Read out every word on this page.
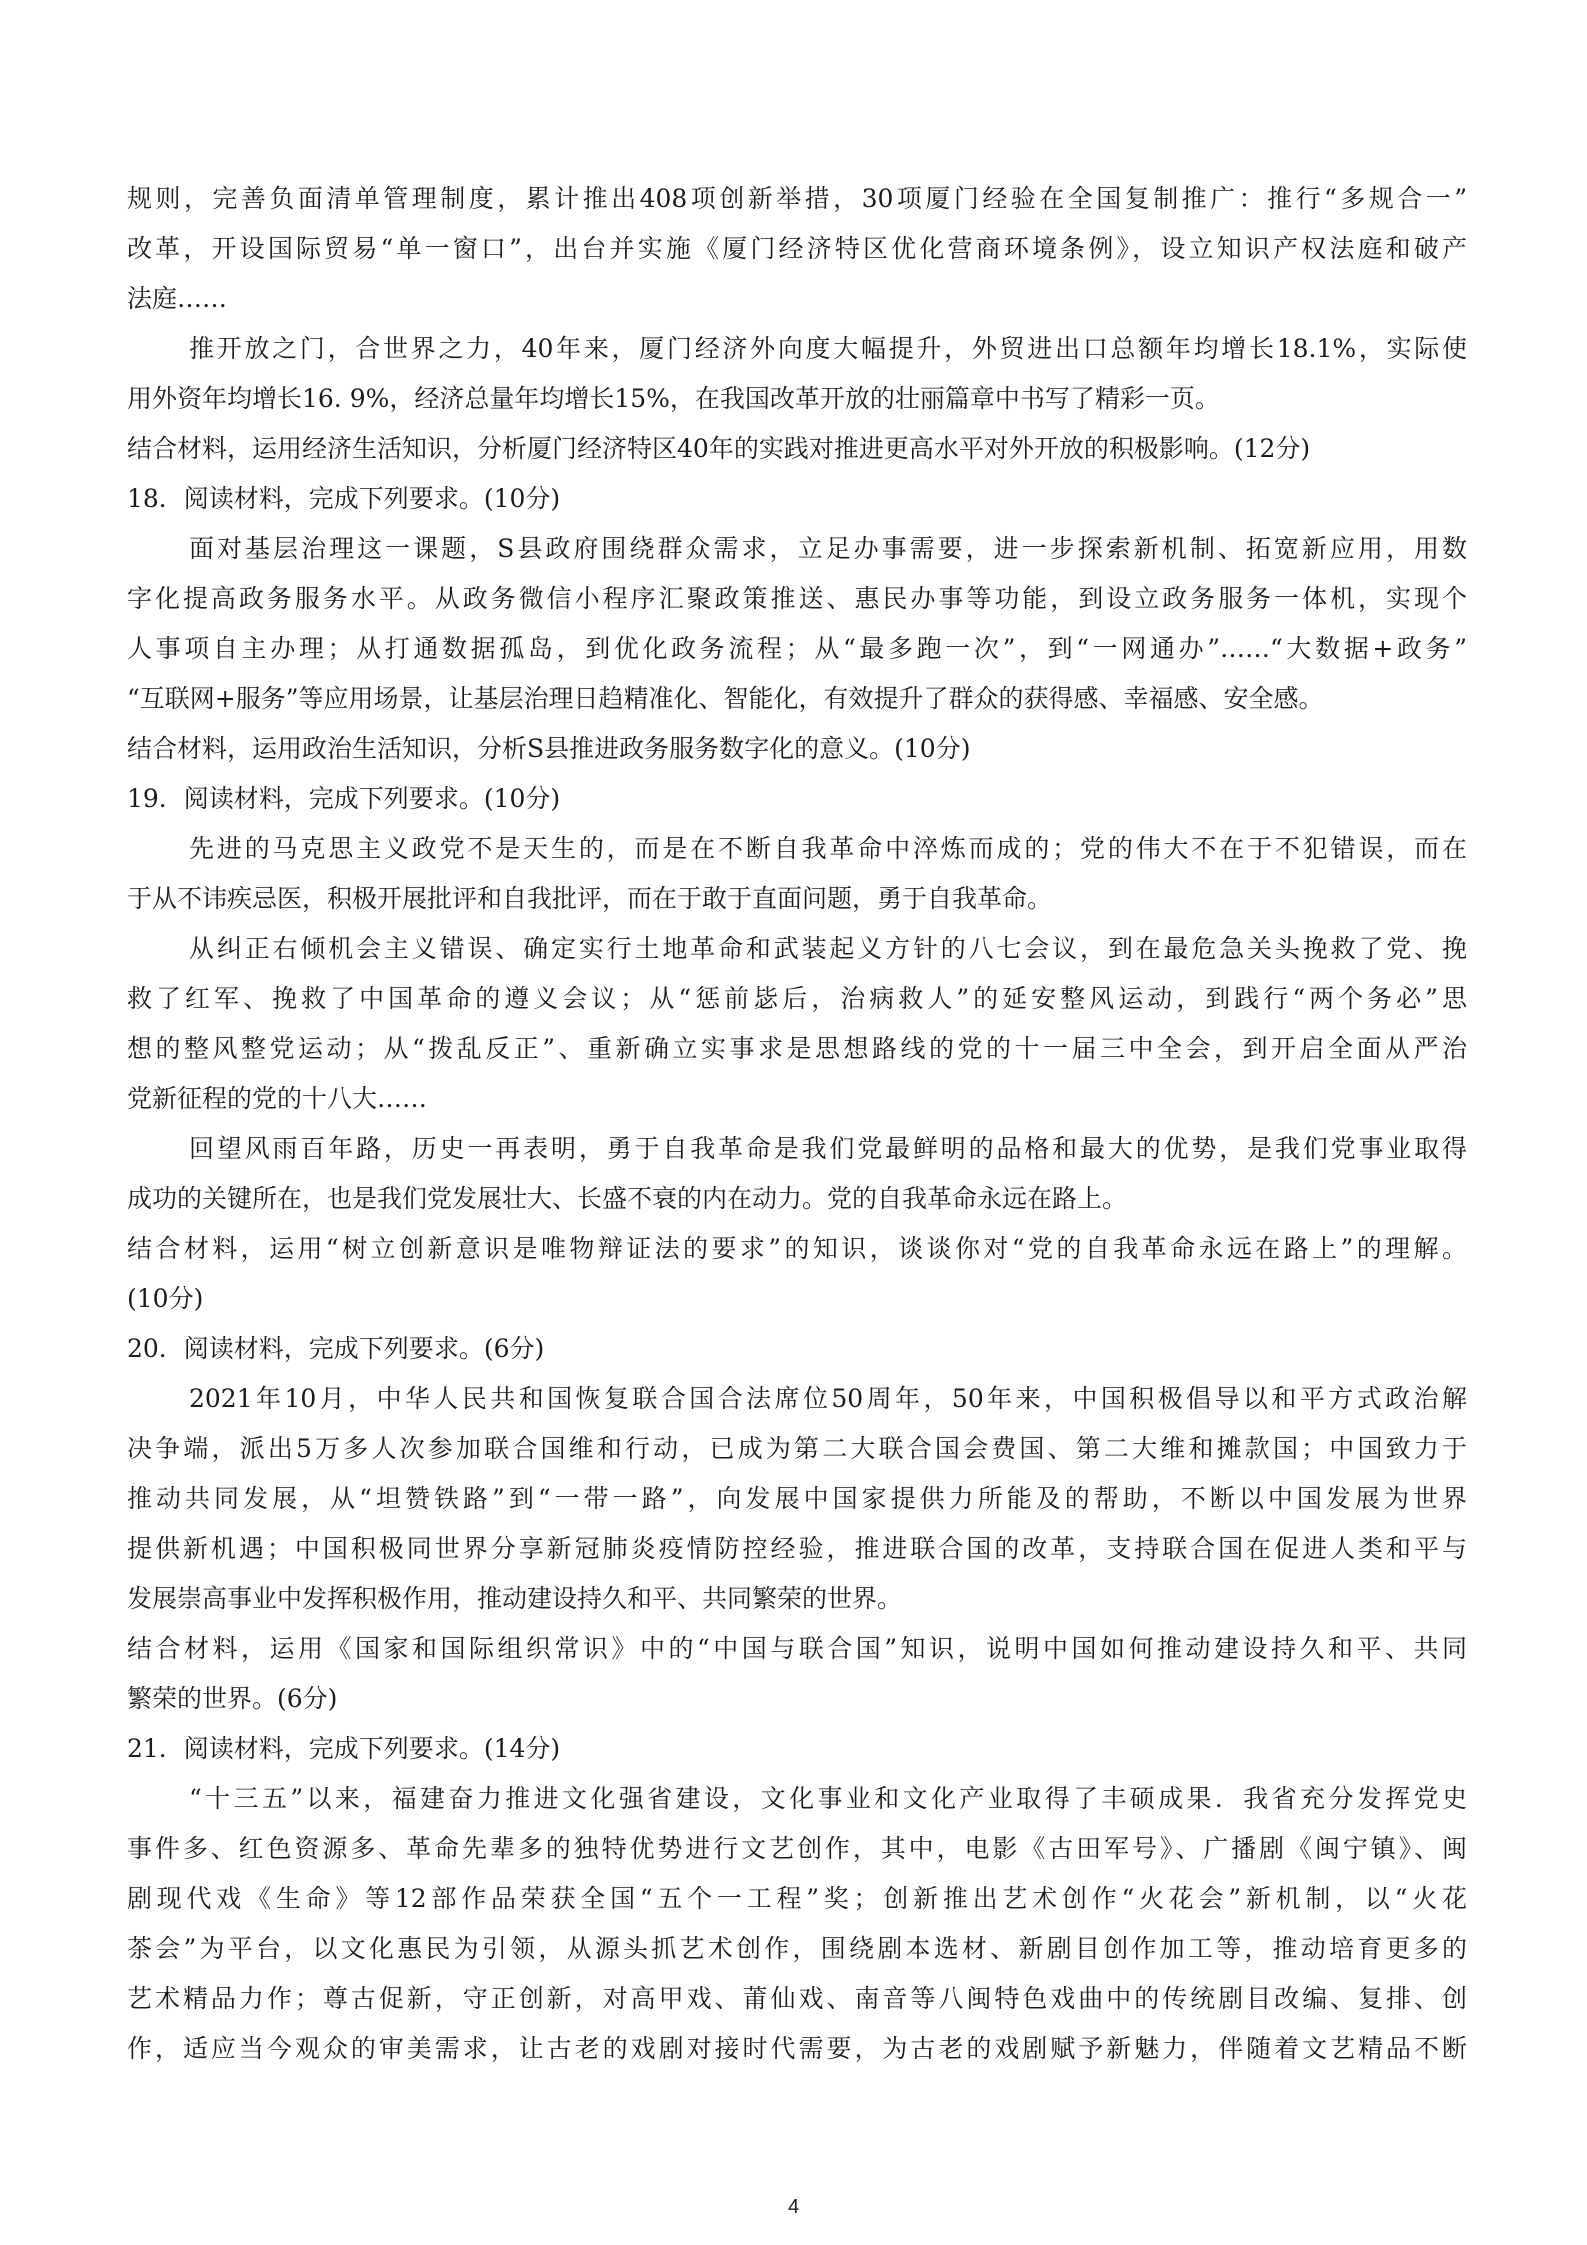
规则，完善负面清单管理制度，累计推出408项创新举措，30项厦门经验在全国复制推广：推行“多规合一”

改革，开设国际贸易“单一窗口”，出台并实施《厦门经济特区优化营商环境条例》，设立知识产权法庭和破产

法庭……

推开放之门，合世界之力，40年来，厦门经济外向度大幅提升，外贸进出口总额年均增长18.1%，实际使

用外资年均增长16. 9%，经济总量年均增长15%，在我国改革开放的壮丽篇章中书写了精彩一页。

结合材料，运用经济生活知识，分析厦门经济特区40年的实践对推进更高水平对外开放的积极影响。(12分)

18．阅读材料，完成下列要求。(10分)

面对基层治理这一课题，S县政府围绕群众需求，立足办事需要，进一步探索新机制、拓宽新应用，用数

字化提高政务服务水平。从政务微信小程序汇聚政策推送、惠民办事等功能，到设立政务服务一体机，实现个

人事项自主办理；从打通数据孤岛，到优化政务流程；从“最多跑一次”，到“一网通办”……“大数据+政务”

“互联网+服务”等应用场景，让基层治理日趋精准化、智能化，有效提升了群众的获得感、幸福感、安全感。

结合材料，运用政治生活知识，分析S县推进政务服务数字化的意义。(10分)

19．阅读材料，完成下列要求。(10分)

先进的马克思主义政党不是天生的，而是在不断自我革命中淬炼而成的；党的伟大不在于不犯错误，而在

于从不讳疾忌医，积极开展批评和自我批评，而在于敢于直面问题，勇于自我革命。

从纠正右倾机会主义错误、确定实行土地革命和武装起义方针的八七会议，到在最危急关头挽救了党、挽

救了红军、挽救了中国革命的遵义会议；从“惩前毖后，治病救人”的延安整风运动，到践行“两个务必”思

想的整风整党运动；从“拨乱反正”、重新确立实事求是思想路线的党的十一届三中全会，到开启全面从严治

党新征程的党的十八大……

回望风雨百年路，历史一再表明，勇于自我革命是我们党最鲜明的品格和最大的优势，是我们党事业取得

成功的关键所在，也是我们党发展壮大、长盛不衰的内在动力。党的自我革命永远在路上。

结合材料，运用“树立创新意识是唯物辩证法的要求”的知识，谈谈你对“党的自我革命永远在路上”的理解。

(10分)

20．阅读材料，完成下列要求。(6分)

2021年10月，中华人民共和国恢复联合国合法席位50周年，50年来，中国积极倡导以和平方式政治解

决争端，派出5万多人次参加联合国维和行动，已成为第二大联合国会费国、第二大维和摊款国；中国致力于

推动共同发展，从“坦赞铁路”到“一带一路”，向发展中国家提供力所能及的帮助，不断以中国发展为世界

提供新机遇；中国积极同世界分享新冠肺炎疫情防控经验，推进联合国的改革，支持联合国在促进人类和平与

发展崇高事业中发挥积极作用，推动建设持久和平、共同繁荣的世界。

结合材料，运用《国家和国际组织常识》中的“中国与联合国”知识，说明中国如何推动建设持久和平、共同

繁荣的世界。(6分)

21．阅读材料，完成下列要求。(14分)

“十三五”以来，福建奋力推进文化强省建设，文化事业和文化产业取得了丰硕成果．我省充分发挥党史

事件多、红色资源多、革命先辈多的独特优势进行文艺创作，其中，电影《古田军号》、广播剧《闽宁镇》、闽

剧现代戏《生命》等12部作品荣获全国“五个一工程”奖；创新推出艺术创作“火花会”新机制，以“火花

茶会”为平台，以文化惠民为引领，从源头抓艺术创作，围绕剧本选材、新剧目创作加工等，推动培育更多的

艺术精品力作；尊古促新，守正创新，对高甲戏、莆仙戏、南音等八闽特色戏曲中的传统剧目改编、复排、创

作，适应当今观众的审美需求，让古老的戏剧对接时代需要，为古老的戏剧赋予新魅力，伴随着文艺精品不断

4
